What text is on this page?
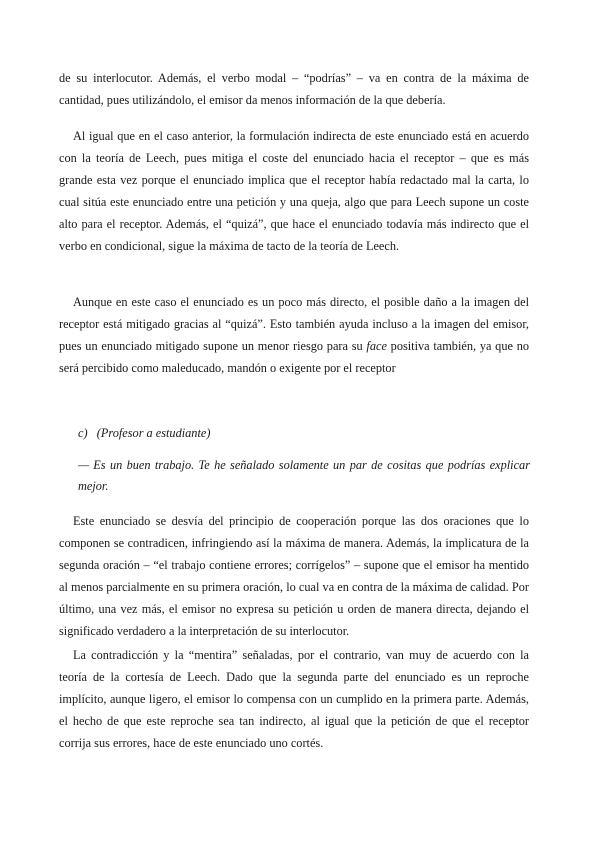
de su interlocutor. Además, el verbo modal – “podrías” – va en contra de la máxima de cantidad, pues utilizándolo, el emisor da menos información de la que debería.

Al igual que en el caso anterior, la formulación indirecta de este enunciado está en acuerdo con la teoría de Leech, pues mitiga el coste del enunciado hacia el receptor – que es más grande esta vez porque el enunciado implica que el receptor había redactado mal la carta, lo cual sitúa este enunciado entre una petición y una queja, algo que para Leech supone un coste alto para el receptor. Además, el “quizá”, que hace el enunciado todavía más indirecto que el verbo en condicional, sigue la máxima de tacto de la teoría de Leech.

Aunque en este caso el enunciado es un poco más directo, el posible daño a la imagen del receptor está mitigado gracias al “quizá”. Esto también ayuda incluso a la imagen del emisor, pues un enunciado mitigado supone un menor riesgo para su face positiva también, ya que no será percibido como maleducado, mandón o exigente por el receptor

c) (Profesor a estudiante)

— Es un buen trabajo. Te he señalado solamente un par de cositas que podrías explicar mejor.

Este enunciado se desvía del principio de cooperación porque las dos oraciones que lo componen se contradicen, infringiendo así la máxima de manera. Además, la implicatura de la segunda oración – “el trabajo contiene errores; corrígelos” – supone que el emisor ha mentido al menos parcialmente en su primera oración, lo cual va en contra de la máxima de calidad. Por último, una vez más, el emisor no expresa su petición u orden de manera directa, dejando el significado verdadero a la interpretación de su interlocutor.

La contradicción y la “mentira” señaladas, por el contrario, van muy de acuerdo con la teoría de la cortesía de Leech. Dado que la segunda parte del enunciado es un reproche implícito, aunque ligero, el emisor lo compensa con un cumplido en la primera parte. Además, el hecho de que este reproche sea tan indirecto, al igual que la petición de que el receptor corrija sus errores, hace de este enunciado uno cortés.
